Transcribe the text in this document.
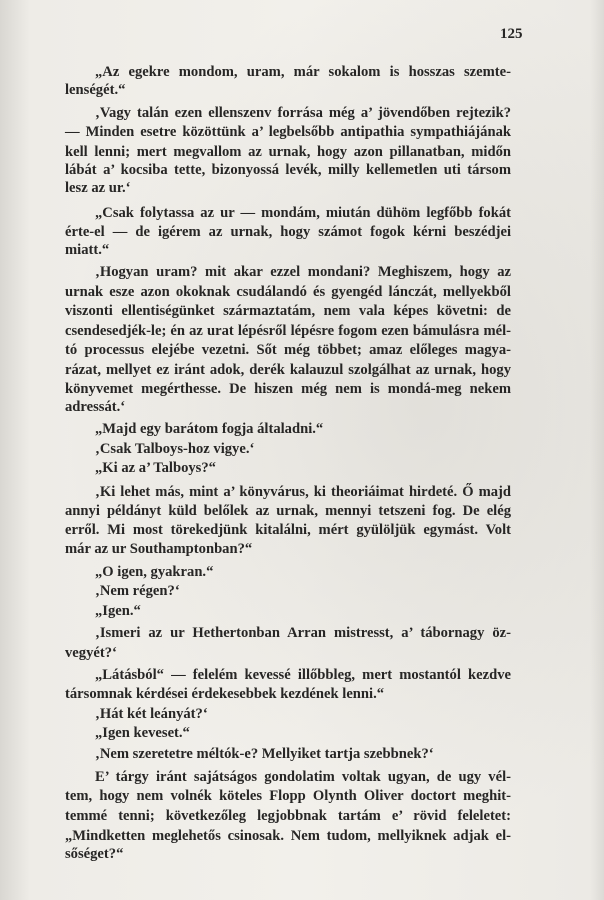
125
„Az egekre mondom, uram, már sokalom is hosszas szemte-
lenségét.“
‚Vagy talán ezen ellenszenv forrása még a’ jövendőben rejtezik?
— Minden esetre közöttünk a’ legbelsőbb antipathia sympathiájának
kell lenni; mert megvallom az urnak, hogy azon pillanatban, midőn
lábát a’ kocsiba tette, bizonyossá levék, milly kellemetlen uti társom
lesz az ur.‘
„Csak folytassa az ur — mondám, miután dühöm legfőbb fokát
érte-el — de igérem az urnak, hogy számot fogok kérni beszédjei
miatt.“
‚Hogyan uram? mit akar ezzel mondani? Meghiszem, hogy az
urnak esze azon okoknak csudálandó és gyengéd lánczát, mellyekből
viszonti ellentiségünket származtatám, nem vala képes követni: de
csendesedjék-le; én az urat lépésről lépésre fogom ezen bámulásra mél-
tó processus elejébe vezetni. Sőt még többet; amaz előleges magya-
rázat, mellyet ez iránt adok, derék kalauzul szolgálhat az urnak, hogy
könyvemet megérthesse. De hiszen még nem is mondá-meg nekem
adressát.‘
„Majd egy barátom fogja általadni.“
‚Csak Talboys-hoz vigye.‘
„Ki az a’ Talboys?“
‚Ki lehet más, mint a’ könyvárus, ki theoriáimat hirdeté. Ő majd
annyi példányt küld belőlek az urnak, mennyi tetszeni fog. De elég
erről. Mi most törekedjünk kitalálni, mért gyülöljük egymást. Volt
már az ur Southamptonban?“
„O igen, gyakran.“
‚Nem régen?‘
„Igen.“
‚Ismeri az ur Hethertonban Arran mistresst, a’ tábornagy öz-
vegyét?‘
„Látásból“ — felelém kevessé illőbbleg, mert mostantól kezdve
társomnak kérdései érdekesebbek kezdének lenni.“
‚Hát két leányát?‘
„Igen keveset.“
‚Nem szeretetre méltók-e? Mellyiket tartja szebbnek?‘
E’ tárgy iránt sajátságos gondolatim voltak ugyan, de ugy vél-
tem, hogy nem volnék köteles Flopp Olynth Oliver doctort meghit-
temmé tenni; következőleg legjobbnak tartám e’ rövid feleletet:
„Mindketten meglehetős csinosak. Nem tudom, mellyiknek adjak el-
sőséget?“
